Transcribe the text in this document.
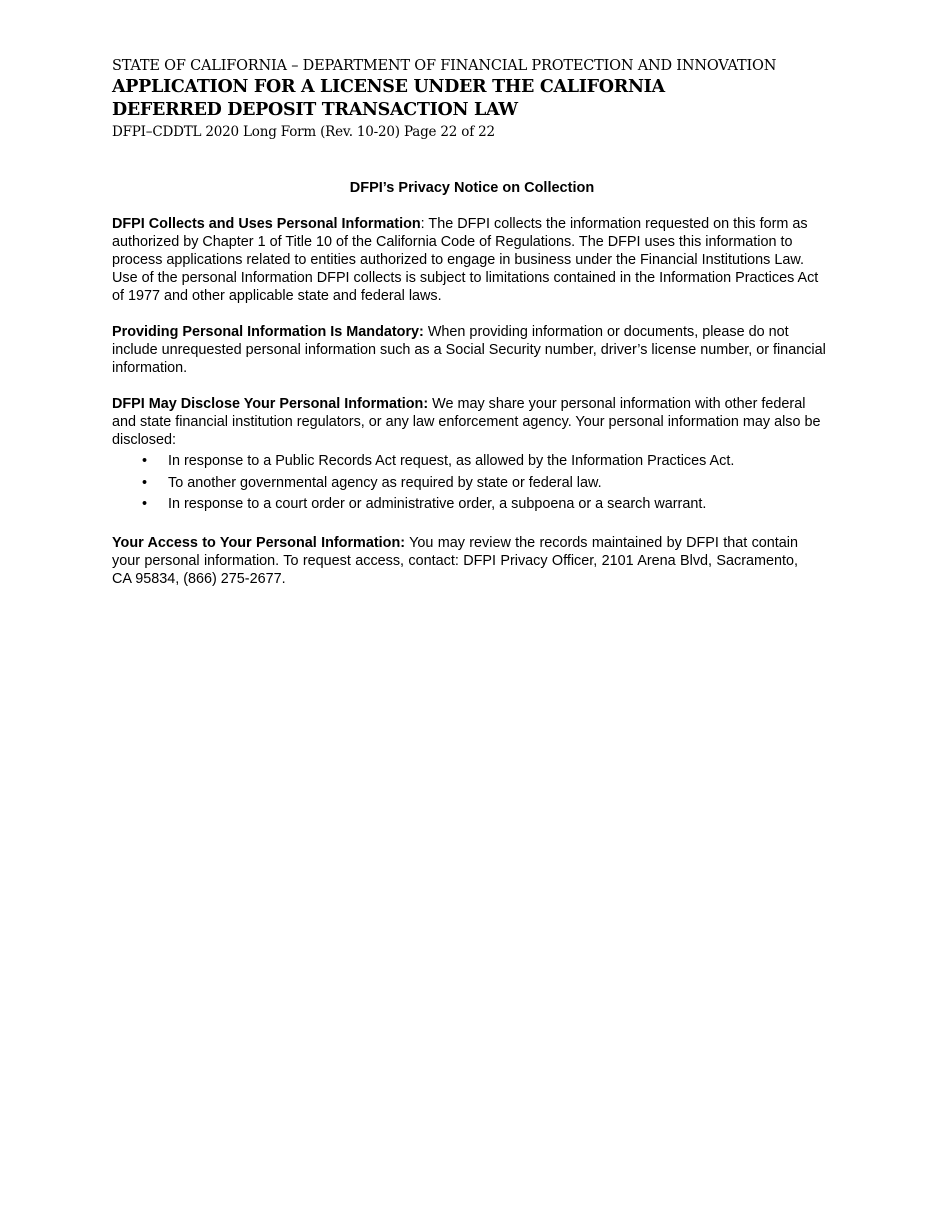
STATE OF CALIFORNIA – DEPARTMENT OF FINANCIAL PROTECTION AND INNOVATION
APPLICATION FOR A LICENSE UNDER THE CALIFORNIA
DEFERRED DEPOSIT TRANSACTION LAW
DFPI–CDDTL 2020 Long Form (Rev. 10-20) Page 22 of 22
DFPI’s Privacy Notice on Collection

DFPI Collects and Uses Personal Information: The DFPI collects the information requested on this form as authorized by Chapter 1 of Title 10 of the California Code of Regulations. The DFPI uses this information to process applications related to entities authorized to engage in business under the Financial Institutions Law. Use of the personal Information DFPI collects is subject to limitations contained in the Information Practices Act of 1977 and other applicable state and federal laws.

Providing Personal Information Is Mandatory: When providing information or documents, please do not include unrequested personal information such as a Social Security number, driver’s license number, or financial information.

DFPI May Disclose Your Personal Information: We may share your personal information with other federal and state financial institution regulators, or any law enforcement agency. Your personal information may also be disclosed:

• In response to a Public Records Act request, as allowed by the Information Practices Act.
• To another governmental agency as required by state or federal law.
• In response to a court order or administrative order, a subpoena or a search warrant.

Your Access to Your Personal Information: You may review the records maintained by DFPI that contain your personal information. To request access, contact: DFPI Privacy Officer, 2101 Arena Blvd, Sacramento, CA 95834, (866) 275-2677.
